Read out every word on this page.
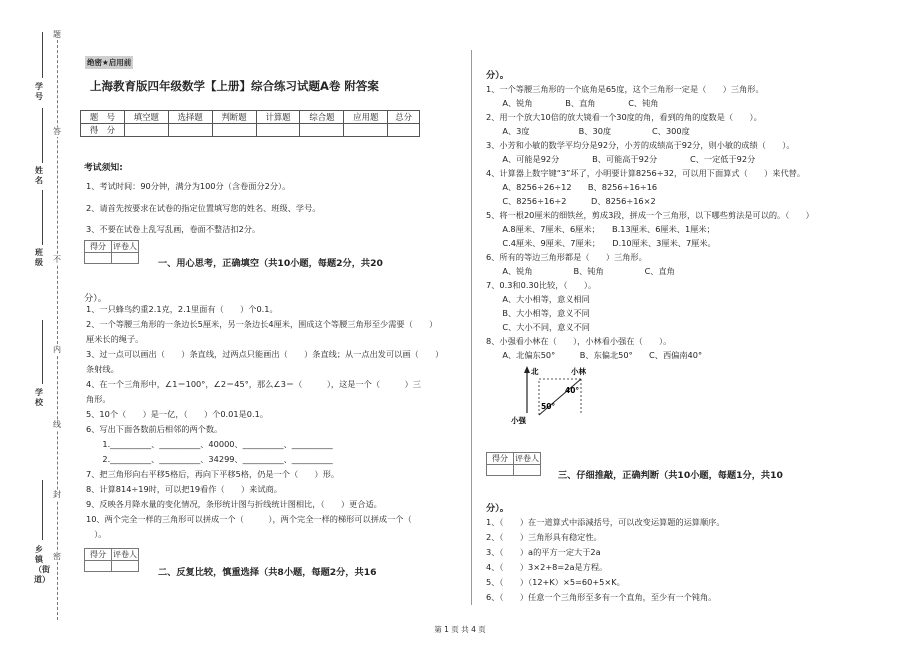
题
答
不
内
线
封
密
学号
姓名
班级
学校
乡镇（街道）
绝密★启用前
上海教育版四年级数学【上册】综合练习试题A卷 附答案
题　号	填空题	选择题	判断题	计算题	综合题	应用题	总分
得　分							
考试须知:
1、考试时间：90分钟，满分为100分（含卷面分2分）。
2、请首先按要求在试卷的指定位置填写您的姓名、班级、学号。
3、不要在试卷上乱写乱画，卷面不整洁扣2分。
得分	评卷人

一、用心思考，正确填空（共10小题，每题2分，共20
分）。
1、一只蜂鸟约重2.1克，2.1里面有（　　）个0.1。
2、一个等腰三角形的一条边长5厘米，另一条边长4厘米，围成这个等腰三角形至少需要（　　）
厘米长的绳子。
3、过一点可以画出（　　）条直线，过两点只能画出（　　）条直线；从一点出发可以画（　　）
条射线。
4、在一个三角形中，∠1＝100°，∠2＝45°，那么∠3＝（　　　），这是一个（　　　）三
角形。
5、10个（　　）是一亿，（　　）个0.01是0.1。
6、写出下面各数前后相邻的两个数。
　　1.__________、__________、40000、__________、__________
　　2.__________、__________、34299、__________、__________
7、把三角形向右平移5格后，再向下平移5格，仍是一个（　　）形。
8、计算814÷19时，可以把19看作（　　）来试商。
9、反映各月降水量的变化情况，条形统计图与折线统计图相比，（　　）更合适。
10、两个完全一样的三角形可以拼成一个（　　　），两个完全一样的梯形可以拼成一个（　　
　）。
得分	评卷人

二、反复比较，慎重选择（共8小题，每题2分，共16
分）。
1、一个等腰三角形的一个底角是65度，这个三角形一定是（　　）三角形。
　　A、锐角　　　　B、直角　　　　C、钝角
2、用一个放大10倍的放大镜看一个30度的角，看到的角的度数是（　　）。
　　A、3度　　　　　　B、30度　　　　　C、300度
3、小芳和小敏的数学平均分是92分，小芳的成绩高于92分，则小敏的成绩（　　）。
　　A、可能是92分　　　　B、可能高于92分　　　　C、一定低于92分
4、计算器上数字键“3”坏了，小明要计算8256÷32，可以用下面算式（　　）来代替。
　　A、8256÷26÷12　　B、8256÷16÷16
　　C、8256÷16÷2　　　D、8256÷16×2
5、将一根20厘米的细铁丝，剪成3段，拼成一个三角形，以下哪些剪法是可以的。（　　）
　　A.8厘米、7厘米、6厘米；　　B.13厘米、6厘米、1厘米；
　　C.4厘米、9厘米、7厘米；　　D.10厘米、3厘米、7厘米。
6、所有的等边三角形都是（　　）三角形。
　　A、锐角　　　　　B、钝角　　　　　C、直角
7、0.3和0.30比较，（　　）。
　　A、大小相等，意义相同
　　B、大小相等，意义不同
　　C、大小不同，意义不同
8、小强看小林在（　　），小林看小强在（　　）。
　　A、北偏东50°　　　B、东偏北50°　　C、西偏南40°
北	小林
小强
40°
50°
得分	评卷人

三、仔细推敲，正确判断（共10小题，每题1分，共10
分）。
1、（　　）在一道算式中添減括号，可以改变运算题的运算顺序。
2、（　　）三角形具有稳定性。
3、（　　）a的平方一定大于2a
4、（　　）3×2+8=2a是方程。
5、（　　）（12+K）×5=60+5×K。
6、（　　）任意一个三角形至多有一个直角，至少有一个钝角。
第 1 页 共 4 页
